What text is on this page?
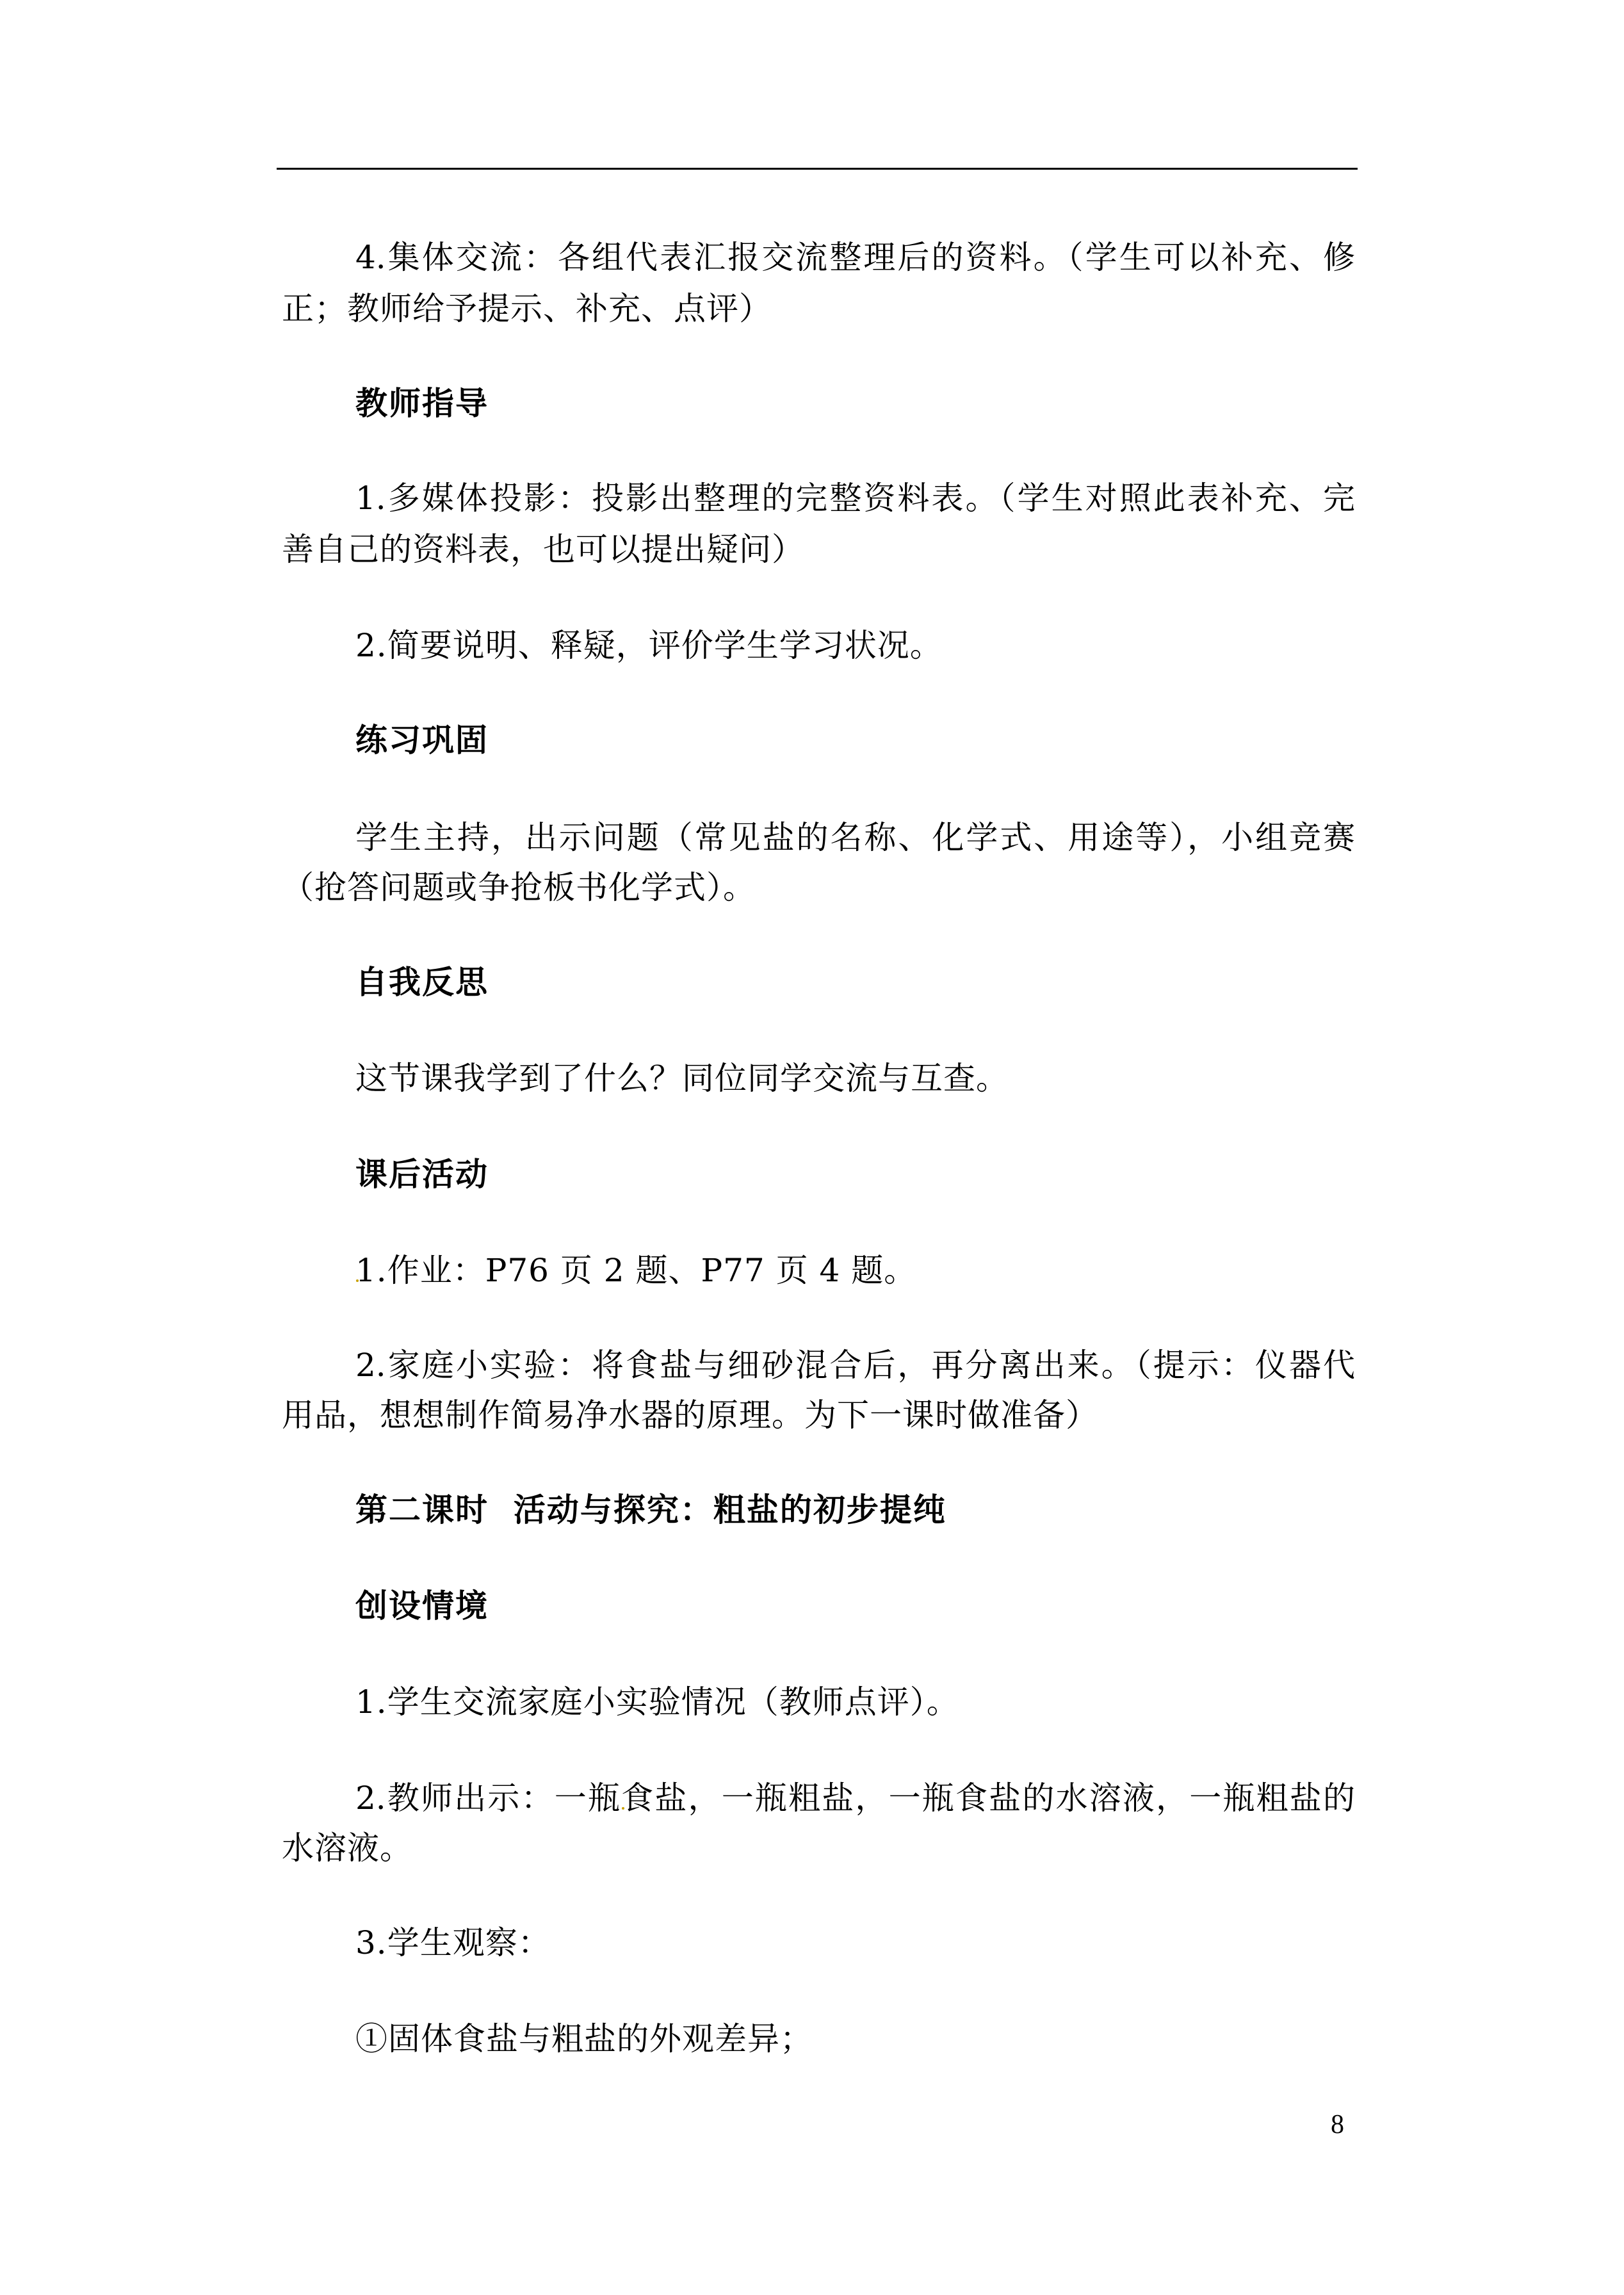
4.集体交流：各组代表汇报交流整理后的资料。（学生可以补充、修
正；教师给予提示、补充、点评）
教师指导
1.多媒体投影：投影出整理的完整资料表。（学生对照此表补充、完
善自己的资料表，也可以提出疑问）
2.简要说明、释疑，评价学生学习状况。
练习巩固
学生主持，出示问题（常见盐的名称、化学式、用途等），小组竞赛
（抢答问题或争抢板书化学式）。
自我反思
这节课我学到了什么？同位同学交流与互查。
课后活动
1.作业：P76 页 2 题、P77 页 4 题。
2.家庭小实验：将食盐与细砂混合后，再分离出来。（提示：仪器代
用品，想想制作简易净水器的原理。为下一课时做准备）
第二课时  活动与探究：粗盐的初步提纯
创设情境
1.学生交流家庭小实验情况（教师点评）。
2.教师出示：一瓶食盐，一瓶粗盐，一瓶食盐的水溶液，一瓶粗盐的
水溶液。
3.学生观察：
①固体食盐与粗盐的外观差异；
8
